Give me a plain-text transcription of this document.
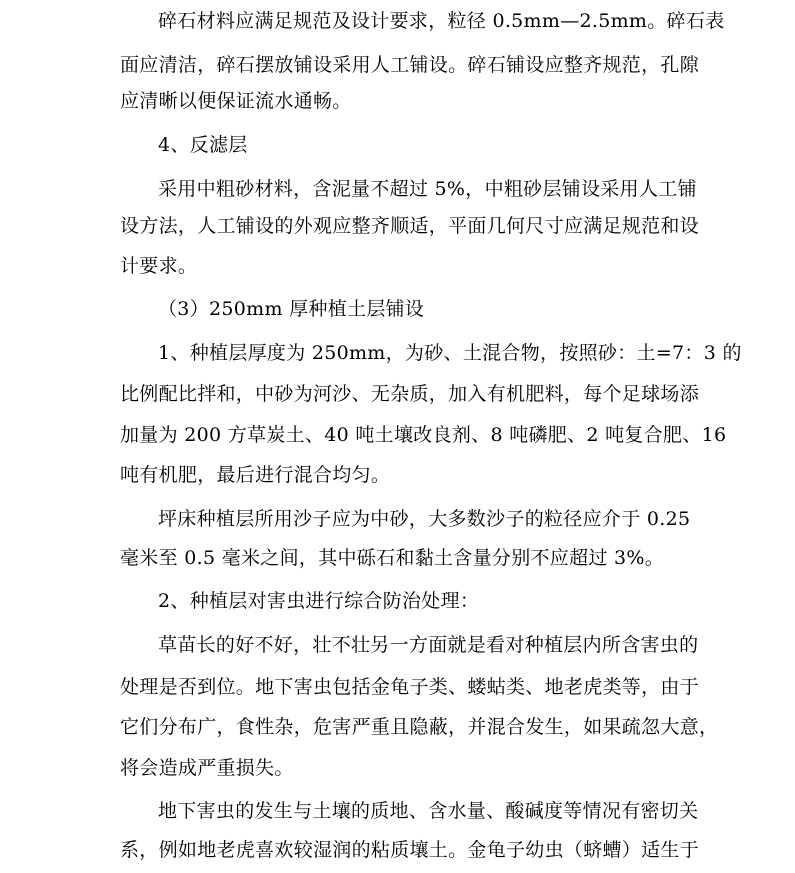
碎石材料应满足规范及设计要求，粒径 0.5mm—2.5mm。碎石表
面应清洁，碎石摆放铺设采用人工铺设。碎石铺设应整齐规范，孔隙
应清晰以便保证流水通畅。
4、反滤层
采用中粗砂材料，含泥量不超过 5%，中粗砂层铺设采用人工铺
设方法，人工铺设的外观应整齐顺适，平面几何尺寸应满足规范和设
计要求。
（3）250mm 厚种植土层铺设
1、种植层厚度为 250mm，为砂、土混合物，按照砂：土=7：3 的
比例配比拌和，中砂为河沙、无杂质，加入有机肥料，每个足球场添
加量为 200 方草炭土、40 吨土壤改良剂、8 吨磷肥、2 吨复合肥、16
吨有机肥，最后进行混合均匀。
坪床种植层所用沙子应为中砂，大多数沙子的粒径应介于 0.25
毫米至 0.5 毫米之间，其中砾石和黏土含量分别不应超过 3%。
2、种植层对害虫进行综合防治处理：
草苗长的好不好，壮不壮另一方面就是看对种植层内所含害虫的
处理是否到位。地下害虫包括金龟子类、蝼蛄类、地老虎类等，由于
它们分布广，食性杂，危害严重且隐蔽，并混合发生，如果疏忽大意，
将会造成严重损失。
地下害虫的发生与土壤的质地、含水量、酸碱度等情况有密切关
系，例如地老虎喜欢较湿润的粘质壤土。金龟子幼虫（蛴螬）适生于
